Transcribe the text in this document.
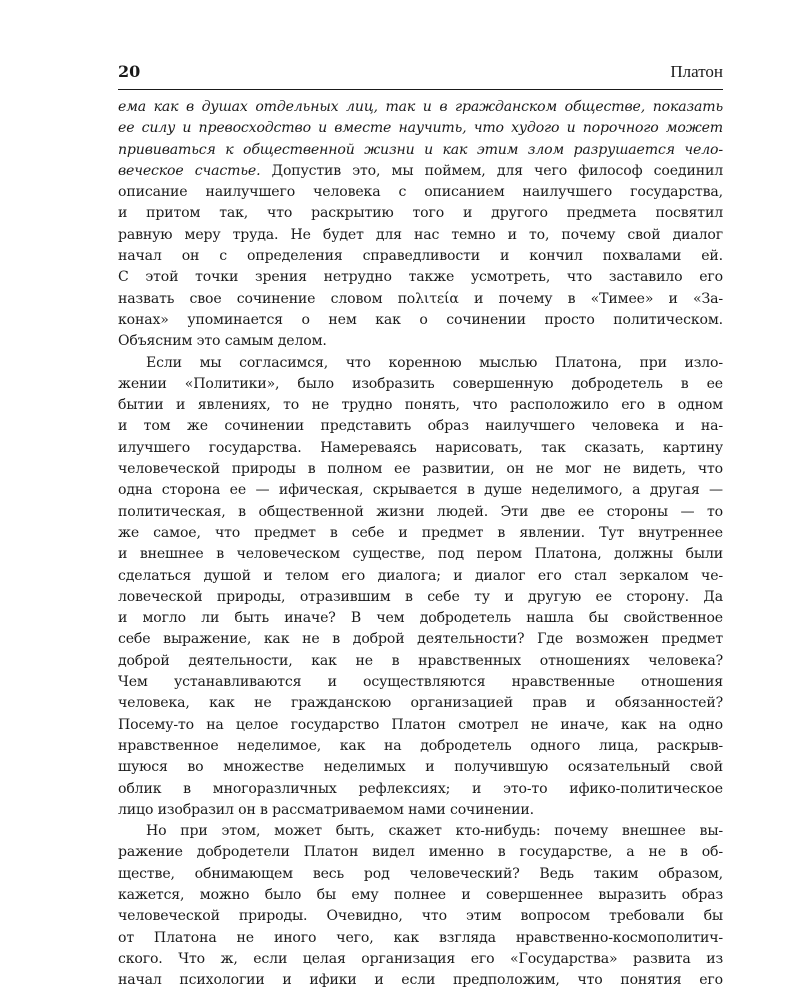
20	Платон
ема как в душах отдельных лиц, так и в гражданском обществе, показать
ее силу и превосходство и вместе научить, что худого и порочного может
прививаться к общественной жизни и как этим злом разрушается чело-
веческое счастье. Допустив это, мы поймем, для чего философ соединил
описание наилучшего человека с описанием наилучшего государства,
и притом так, что раскрытию того и другого предмета посвятил
равную меру труда. Не будет для нас темно и то, почему свой диалог
начал он с определения справедливости и кончил похвалами ей.
С этой точки зрения нетрудно также усмотреть, что заставило его
назвать свое сочинение словом πολιτεία и почему в «Тимее» и «За-
конах» упоминается о нем как о сочинении просто политическом.
Объясним это самым делом.
Если мы согласимся, что коренною мыслью Платона, при изло-
жении «Политики», было изобразить совершенную добродетель в ее
бытии и явлениях, то не трудно понять, что расположило его в одном
и том же сочинении представить образ наилучшего человека и на-
илучшего государства. Намереваясь нарисовать, так сказать, картину
человеческой природы в полном ее развитии, он не мог не видеть, что
одна сторона ее — ифическая, скрывается в душе неделимого, а другая —
политическая, в общественной жизни людей. Эти две ее стороны — то
же самое, что предмет в себе и предмет в явлении. Тут внутреннее
и внешнее в человеческом существе, под пером Платона, должны были
сделаться душой и телом его диалога; и диалог его стал зеркалом че-
ловеческой природы, отразившим в себе ту и другую ее сторону. Да
и могло ли быть иначе? В чем добродетель нашла бы свойственное
себе выражение, как не в доброй деятельности? Где возможен предмет
доброй деятельности, как не в нравственных отношениях человека?
Чем устанавливаются и осуществляются нравственные отношения
человека, как не гражданскою организацией прав и обязанностей?
Посему-то на целое государство Платон смотрел не иначе, как на одно
нравственное неделимое, как на добродетель одного лица, раскрыв-
шуюся во множестве неделимых и получившую осязательный свой
облик в многоразличных рефлексиях; и это-то ифико-политическое
лицо изобразил он в рассматриваемом нами сочинении.
Но при этом, может быть, скажет кто-нибудь: почему внешнее вы-
ражение добродетели Платон видел именно в государстве, а не в об-
ществе, обнимающем весь род человеческий? Ведь таким образом,
кажется, можно было бы ему полнее и совершеннее выразить образ
человеческой природы. Очевидно, что этим вопросом требовали бы
от Платона не иного чего, как взгляда нравственно-космополитич-
ского. Что ж, если целая организация его «Государства» развита из
начал психологии и ифики и если предположим, что понятия его
